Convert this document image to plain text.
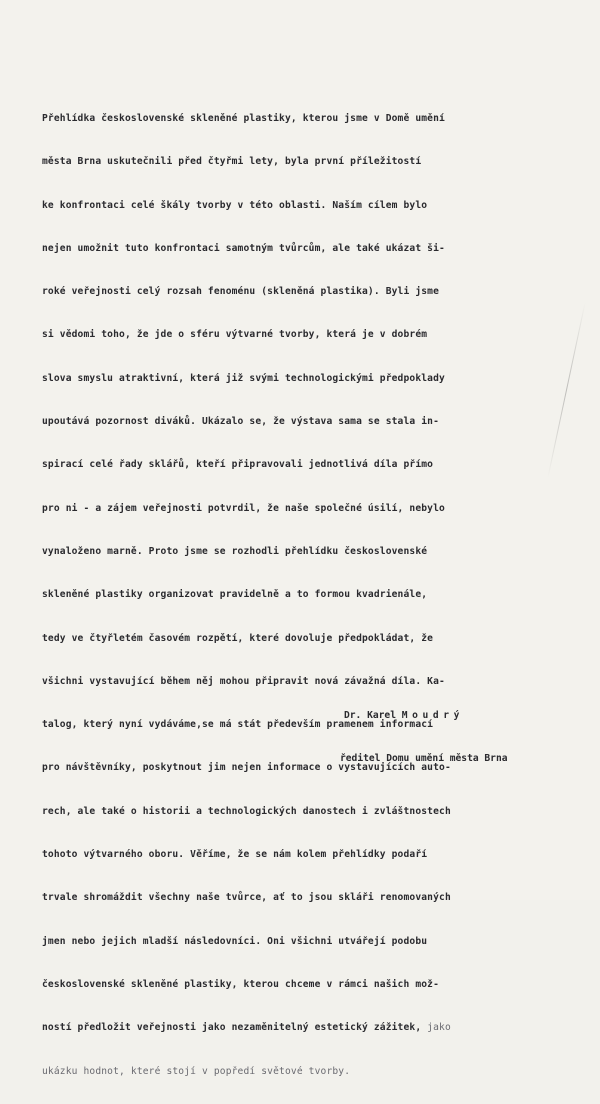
Přehlídka československé skleněné plastiky, kterou jsme v Domě umění

města Brna uskutečnili před čtyřmi lety, byla první příležitostí

ke konfrontaci celé škály tvorby v této oblasti. Naším cílem bylo

nejen umožnit tuto konfrontaci samotným tvůrcům, ale také ukázat ši-

roké veřejnosti celý rozsah fenoménu (skleněná plastika). Byli jsme

si vědomi toho, že jde o sféru výtvarné tvorby, která je v dobrém

slova smyslu atraktivní, která již svými technologickými předpoklady

upoutává pozornost diváků. Ukázalo se, že výstava sama se stala in-

spirací celé řady sklářů, kteří připravovali jednotlivá díla přímo

pro ni - a zájem veřejnosti potvrdil, že naše společné úsilí, nebylo

vynaloženo marně. Proto jsme se rozhodli přehlídku československé

skleněné plastiky organizovat pravidelně a to formou kvadrienále,

tedy ve čtyřletém časovém rozpětí, které dovoluje předpokládat, že

všichni vystavující během něj mohou připravit nová závažná díla. Ka-

talog, který nyní vydáváme,se má stát především pramenem informací

pro návštěvníky, poskytnout jim nejen informace o vystavujících auto-

rech, ale také o historii a technologických danostech i zvláštnostech

tohoto výtvarného oboru. Věříme, že se nám kolem přehlídky podaří

trvale shromáždit všechny naše tvůrce, ať to jsou skláři renomovaných

jmen nebo jejich mladší následovníci. Oni všichni utvářejí podobu

československé skleněné plastiky, kterou chceme v rámci našich mož-

ností předložit veřejnosti jako nezaměnitelný estetický zážitek, jako

ukázku hodnot, které stojí v popředí světové tvorby.

Dr. Karel Moudrý

ředitel Domu umění města Brna
